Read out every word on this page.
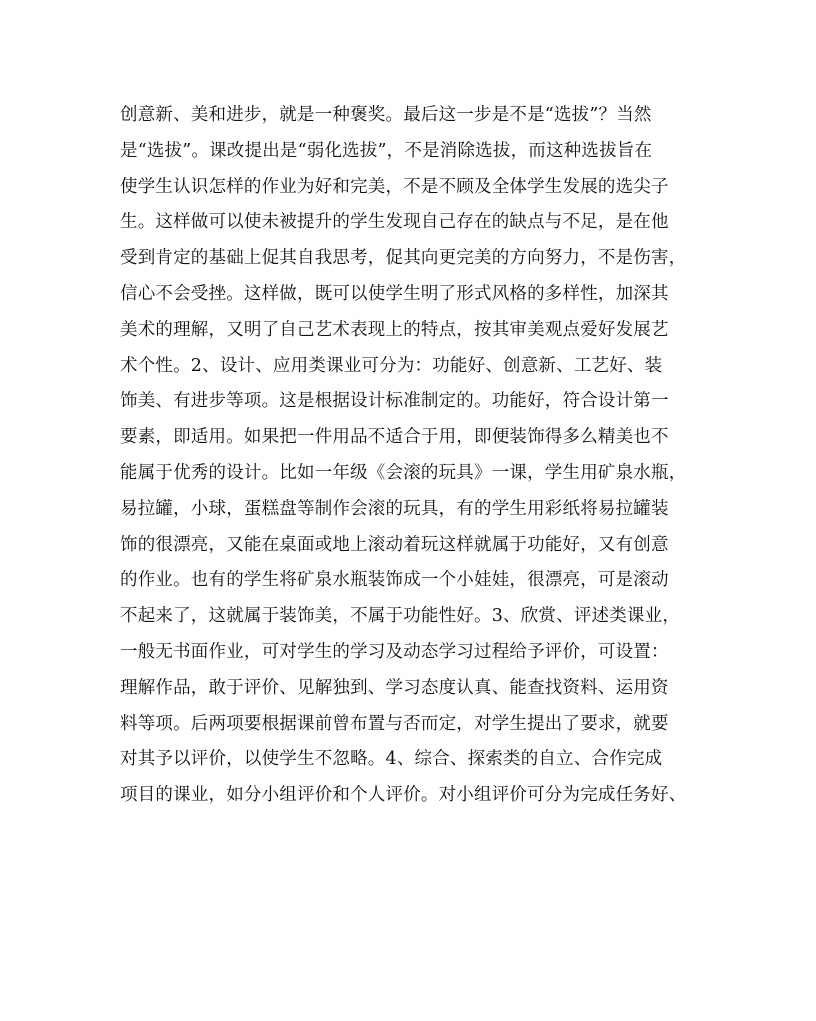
创意新、美和进步，就是一种褒奖。最后这一步是不是“选拔”？当然
是“选拔”。课改提出是“弱化选拔”，不是消除选拔，而这种选拔旨在
使学生认识怎样的作业为好和完美，不是不顾及全体学生发展的选尖子
生。这样做可以使未被提升的学生发现自己存在的缺点与不足，是在他
受到肯定的基础上促其自我思考，促其向更完美的方向努力，不是伤害，
信心不会受挫。这样做，既可以使学生明了形式风格的多样性，加深其
美术的理解，又明了自己艺术表现上的特点，按其审美观点爱好发展艺
术个性。2、设计、应用类课业可分为：功能好、创意新、工艺好、装
饰美、有进步等项。这是根据设计标准制定的。功能好，符合设计第一
要素，即适用。如果把一件用品不适合于用，即便装饰得多么精美也不
能属于优秀的设计。比如一年级《会滚的玩具》一课，学生用矿泉水瓶，
易拉罐，小球，蛋糕盘等制作会滚的玩具，有的学生用彩纸将易拉罐装
饰的很漂亮，又能在桌面或地上滚动着玩这样就属于功能好，又有创意
的作业。也有的学生将矿泉水瓶装饰成一个小娃娃，很漂亮，可是滚动
不起来了，这就属于装饰美，不属于功能性好。3、欣赏、评述类课业，
一般无书面作业，可对学生的学习及动态学习过程给予评价，可设置：
理解作品，敢于评价、见解独到、学习态度认真、能查找资料、运用资
料等项。后两项要根据课前曾布置与否而定，对学生提出了要求，就要
对其予以评价，以使学生不忽略。4、综合、探索类的自立、合作完成
项目的课业，如分小组评价和个人评价。对小组评价可分为完成任务好、
